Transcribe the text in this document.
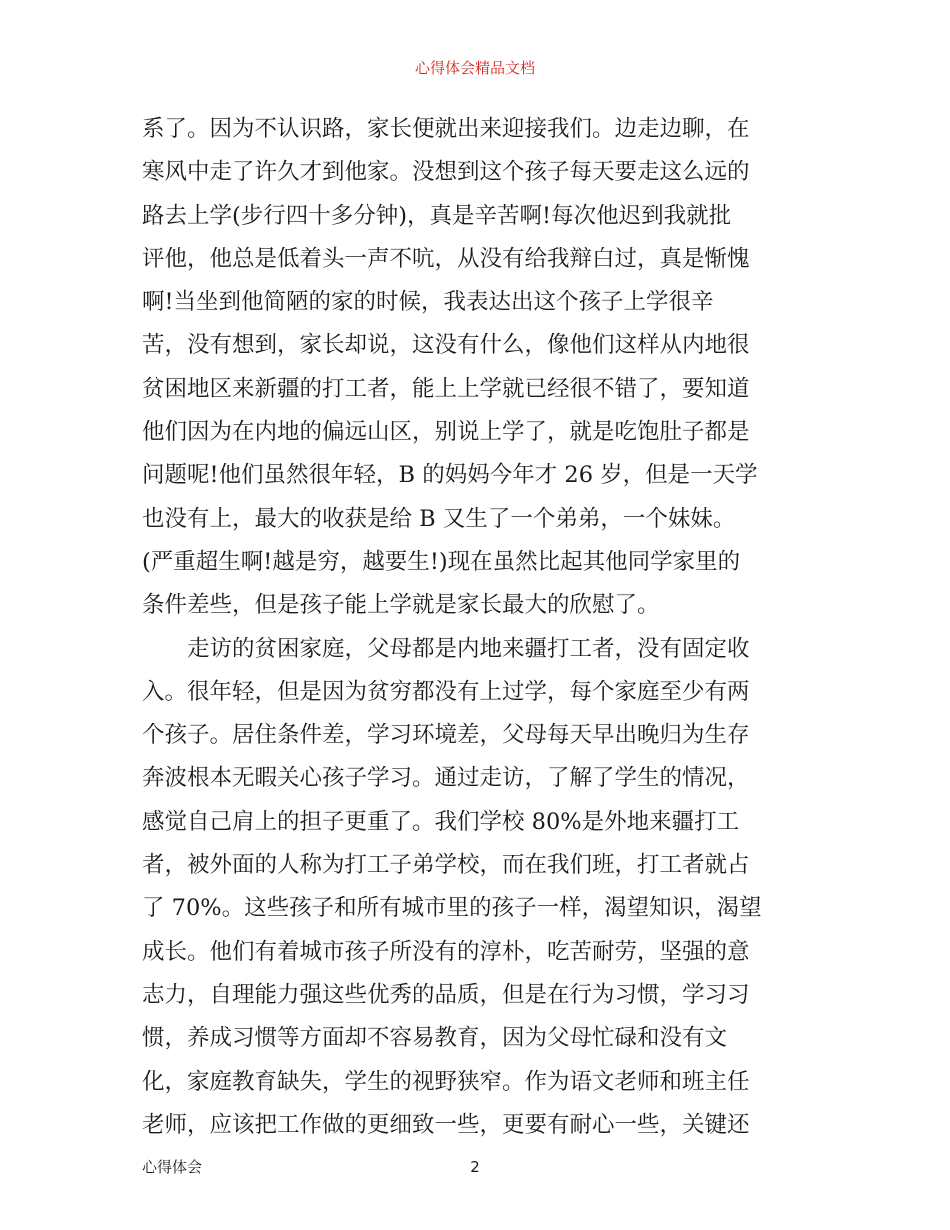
心得体会精品文档
系了。因为不认识路，家长便就出来迎接我们。边走边聊，在
寒风中走了许久才到他家。没想到这个孩子每天要走这么远的
路去上学(步行四十多分钟)，真是辛苦啊!每次他迟到我就批
评他，他总是低着头一声不吭，从没有给我辩白过，真是惭愧
啊!当坐到他简陋的家的时候，我表达出这个孩子上学很辛
苦，没有想到，家长却说，这没有什么，像他们这样从内地很
贫困地区来新疆的打工者，能上上学就已经很不错了，要知道
他们因为在内地的偏远山区，别说上学了，就是吃饱肚子都是
问题呢!他们虽然很年轻，B 的妈妈今年才 26 岁，但是一天学
也没有上，最大的收获是给 B 又生了一个弟弟，一个妹妹。
(严重超生啊!越是穷，越要生!)现在虽然比起其他同学家里的
条件差些，但是孩子能上学就是家长最大的欣慰了。
　　走访的贫困家庭，父母都是内地来疆打工者，没有固定收
入。很年轻，但是因为贫穷都没有上过学，每个家庭至少有两
个孩子。居住条件差，学习环境差，父母每天早出晚归为生存
奔波根本无暇关心孩子学习。通过走访，了解了学生的情况，
感觉自己肩上的担子更重了。我们学校 80%是外地来疆打工
者，被外面的人称为打工子弟学校，而在我们班，打工者就占
了 70%。这些孩子和所有城市里的孩子一样，渴望知识，渴望
成长。他们有着城市孩子所没有的淳朴，吃苦耐劳，坚强的意
志力，自理能力强这些优秀的品质，但是在行为习惯，学习习
惯，养成习惯等方面却不容易教育，因为父母忙碌和没有文
化，家庭教育缺失，学生的视野狭窄。作为语文老师和班主任
老师，应该把工作做的更细致一些，更要有耐心一些，关键还
心得体会	2
